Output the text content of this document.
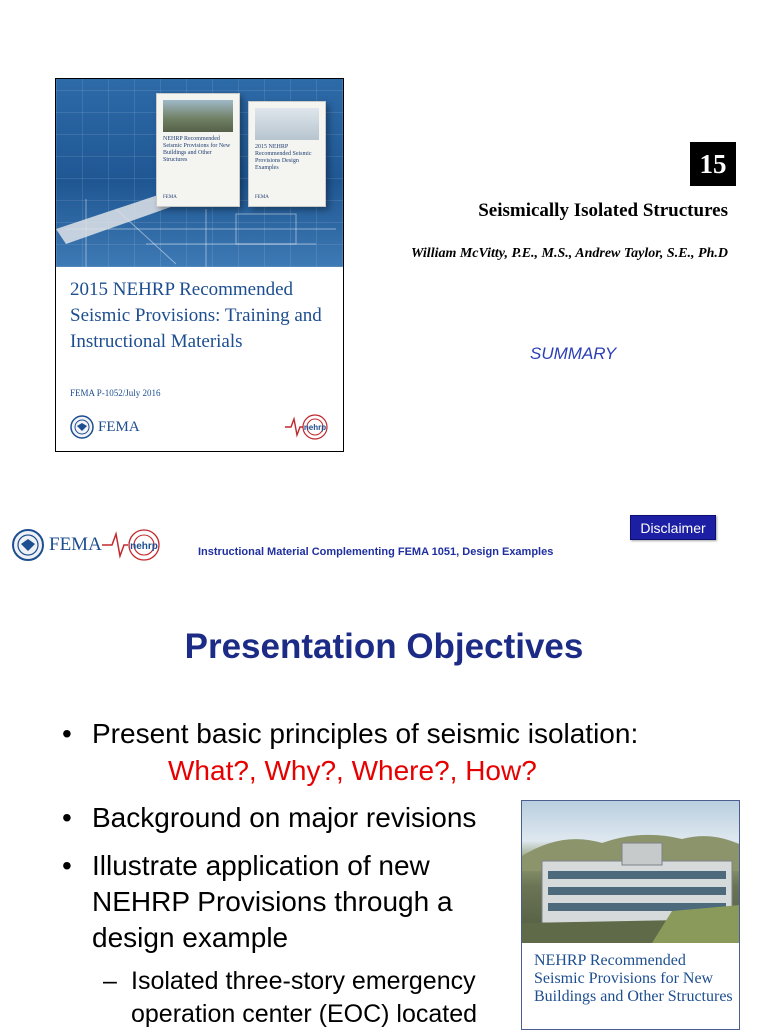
NEHRP Recommended Seismic Provisions for New Buildings and Other Structures
FEMA
2015 NEHRP Recommended Seismic Provisions Design Examples
FEMA
2015 NEHRP Recommended Seismic Provisions: Training and Instructional Materials
FEMA P-1052/July 2016
FEMA	nehrp
15
Seismically Isolated Structures
William McVitty, P.E., M.S., Andrew Taylor, S.E., Ph.D
SUMMARY
FEMA	nehrp	Instructional Material Complementing FEMA 1051, Design Examples
Disclaimer
Presentation Objectives
• Present basic principles of seismic isolation:
What?, Why?, Where?, How?
• Background on major revisions
• Illustrate application of new
NEHRP Provisions through a
design example
– Isolated three-story emergency
operation center (EOC) located
NEHRP Recommended Seismic Provisions for New Buildings and Other Structures
